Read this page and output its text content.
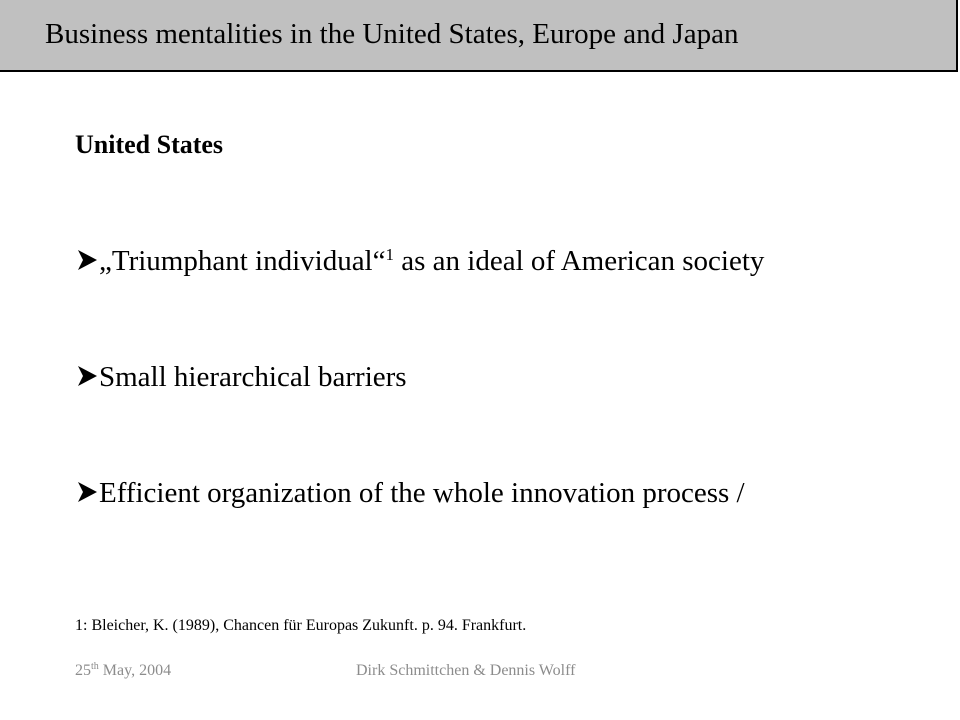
Business mentalities in the United States, Europe and Japan
United States
„Triumphant individual“$^1$ as an ideal of American society
Small hierarchical barriers
Efficient organization of the whole innovation process /
1: Bleicher, K. (1989), Chancen für Europas Zukunft. p. 94. Frankfurt.
25th May, 2004	Dirk Schmittchen & Dennis Wolff
